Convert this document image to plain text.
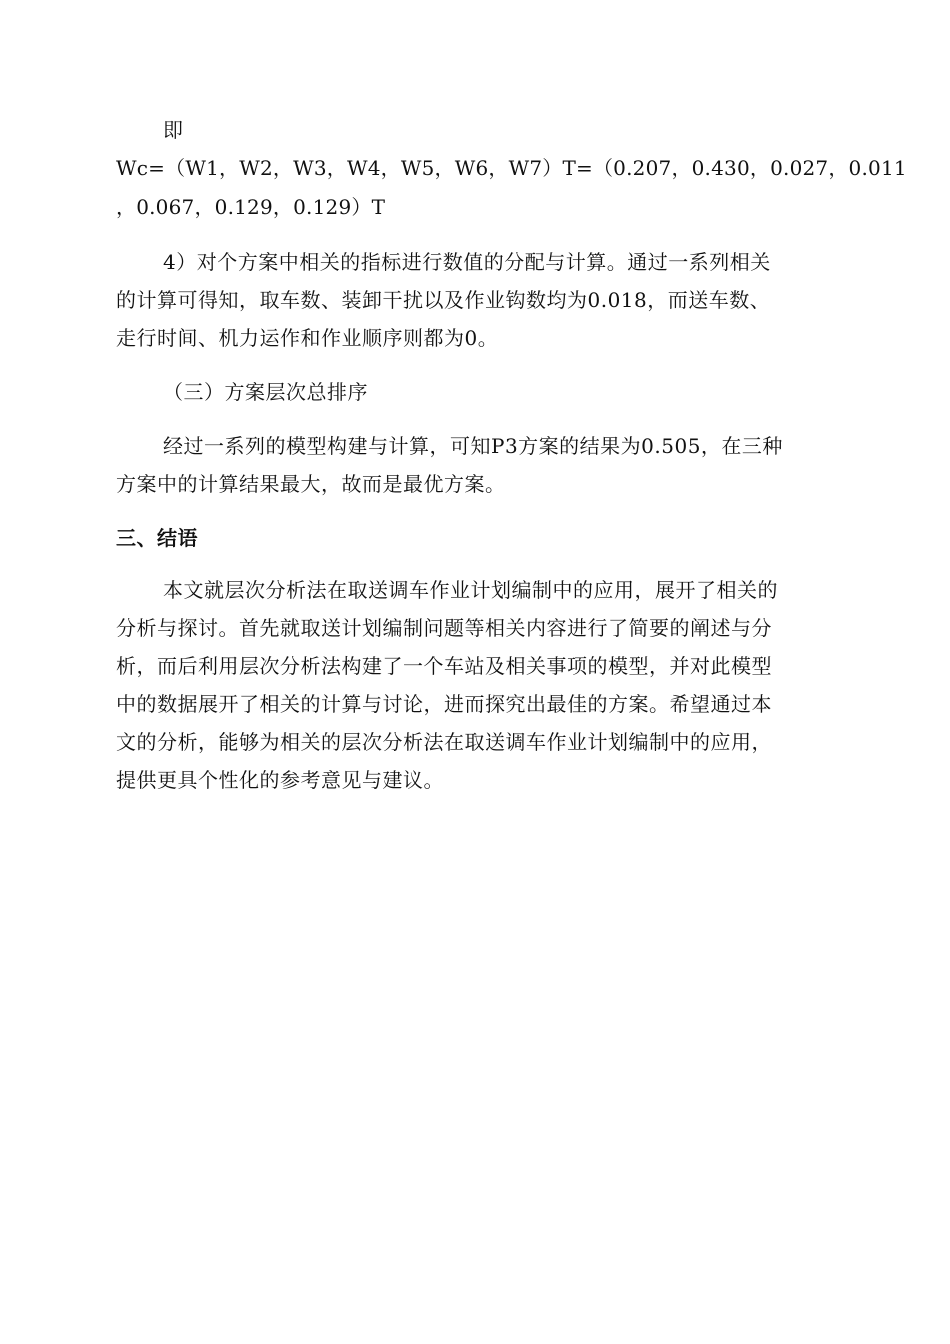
即
Wc=（W1，W2，W3，W4，W5，W6，W7）T=（0.207，0.430，0.027，0.011
，0.067，0.129，0.129）T
4）对个方案中相关的指标进行数值的分配与计算。通过一系列相关
的计算可得知，取车数、装卸干扰以及作业钩数均为0.018，而送车数、
走行时间、机力运作和作业顺序则都为0。
（三）方案层次总排序
经过一系列的模型构建与计算，可知P3方案的结果为0.505，在三种
方案中的计算结果最大，故而是最优方案。
三、结语
本文就层次分析法在取送调车作业计划编制中的应用，展开了相关的
分析与探讨。首先就取送计划编制问题等相关内容进行了简要的阐述与分
析，而后利用层次分析法构建了一个车站及相关事项的模型，并对此模型
中的数据展开了相关的计算与讨论，进而探究出最佳的方案。希望通过本
文的分析，能够为相关的层次分析法在取送调车作业计划编制中的应用，
提供更具个性化的参考意见与建议。
